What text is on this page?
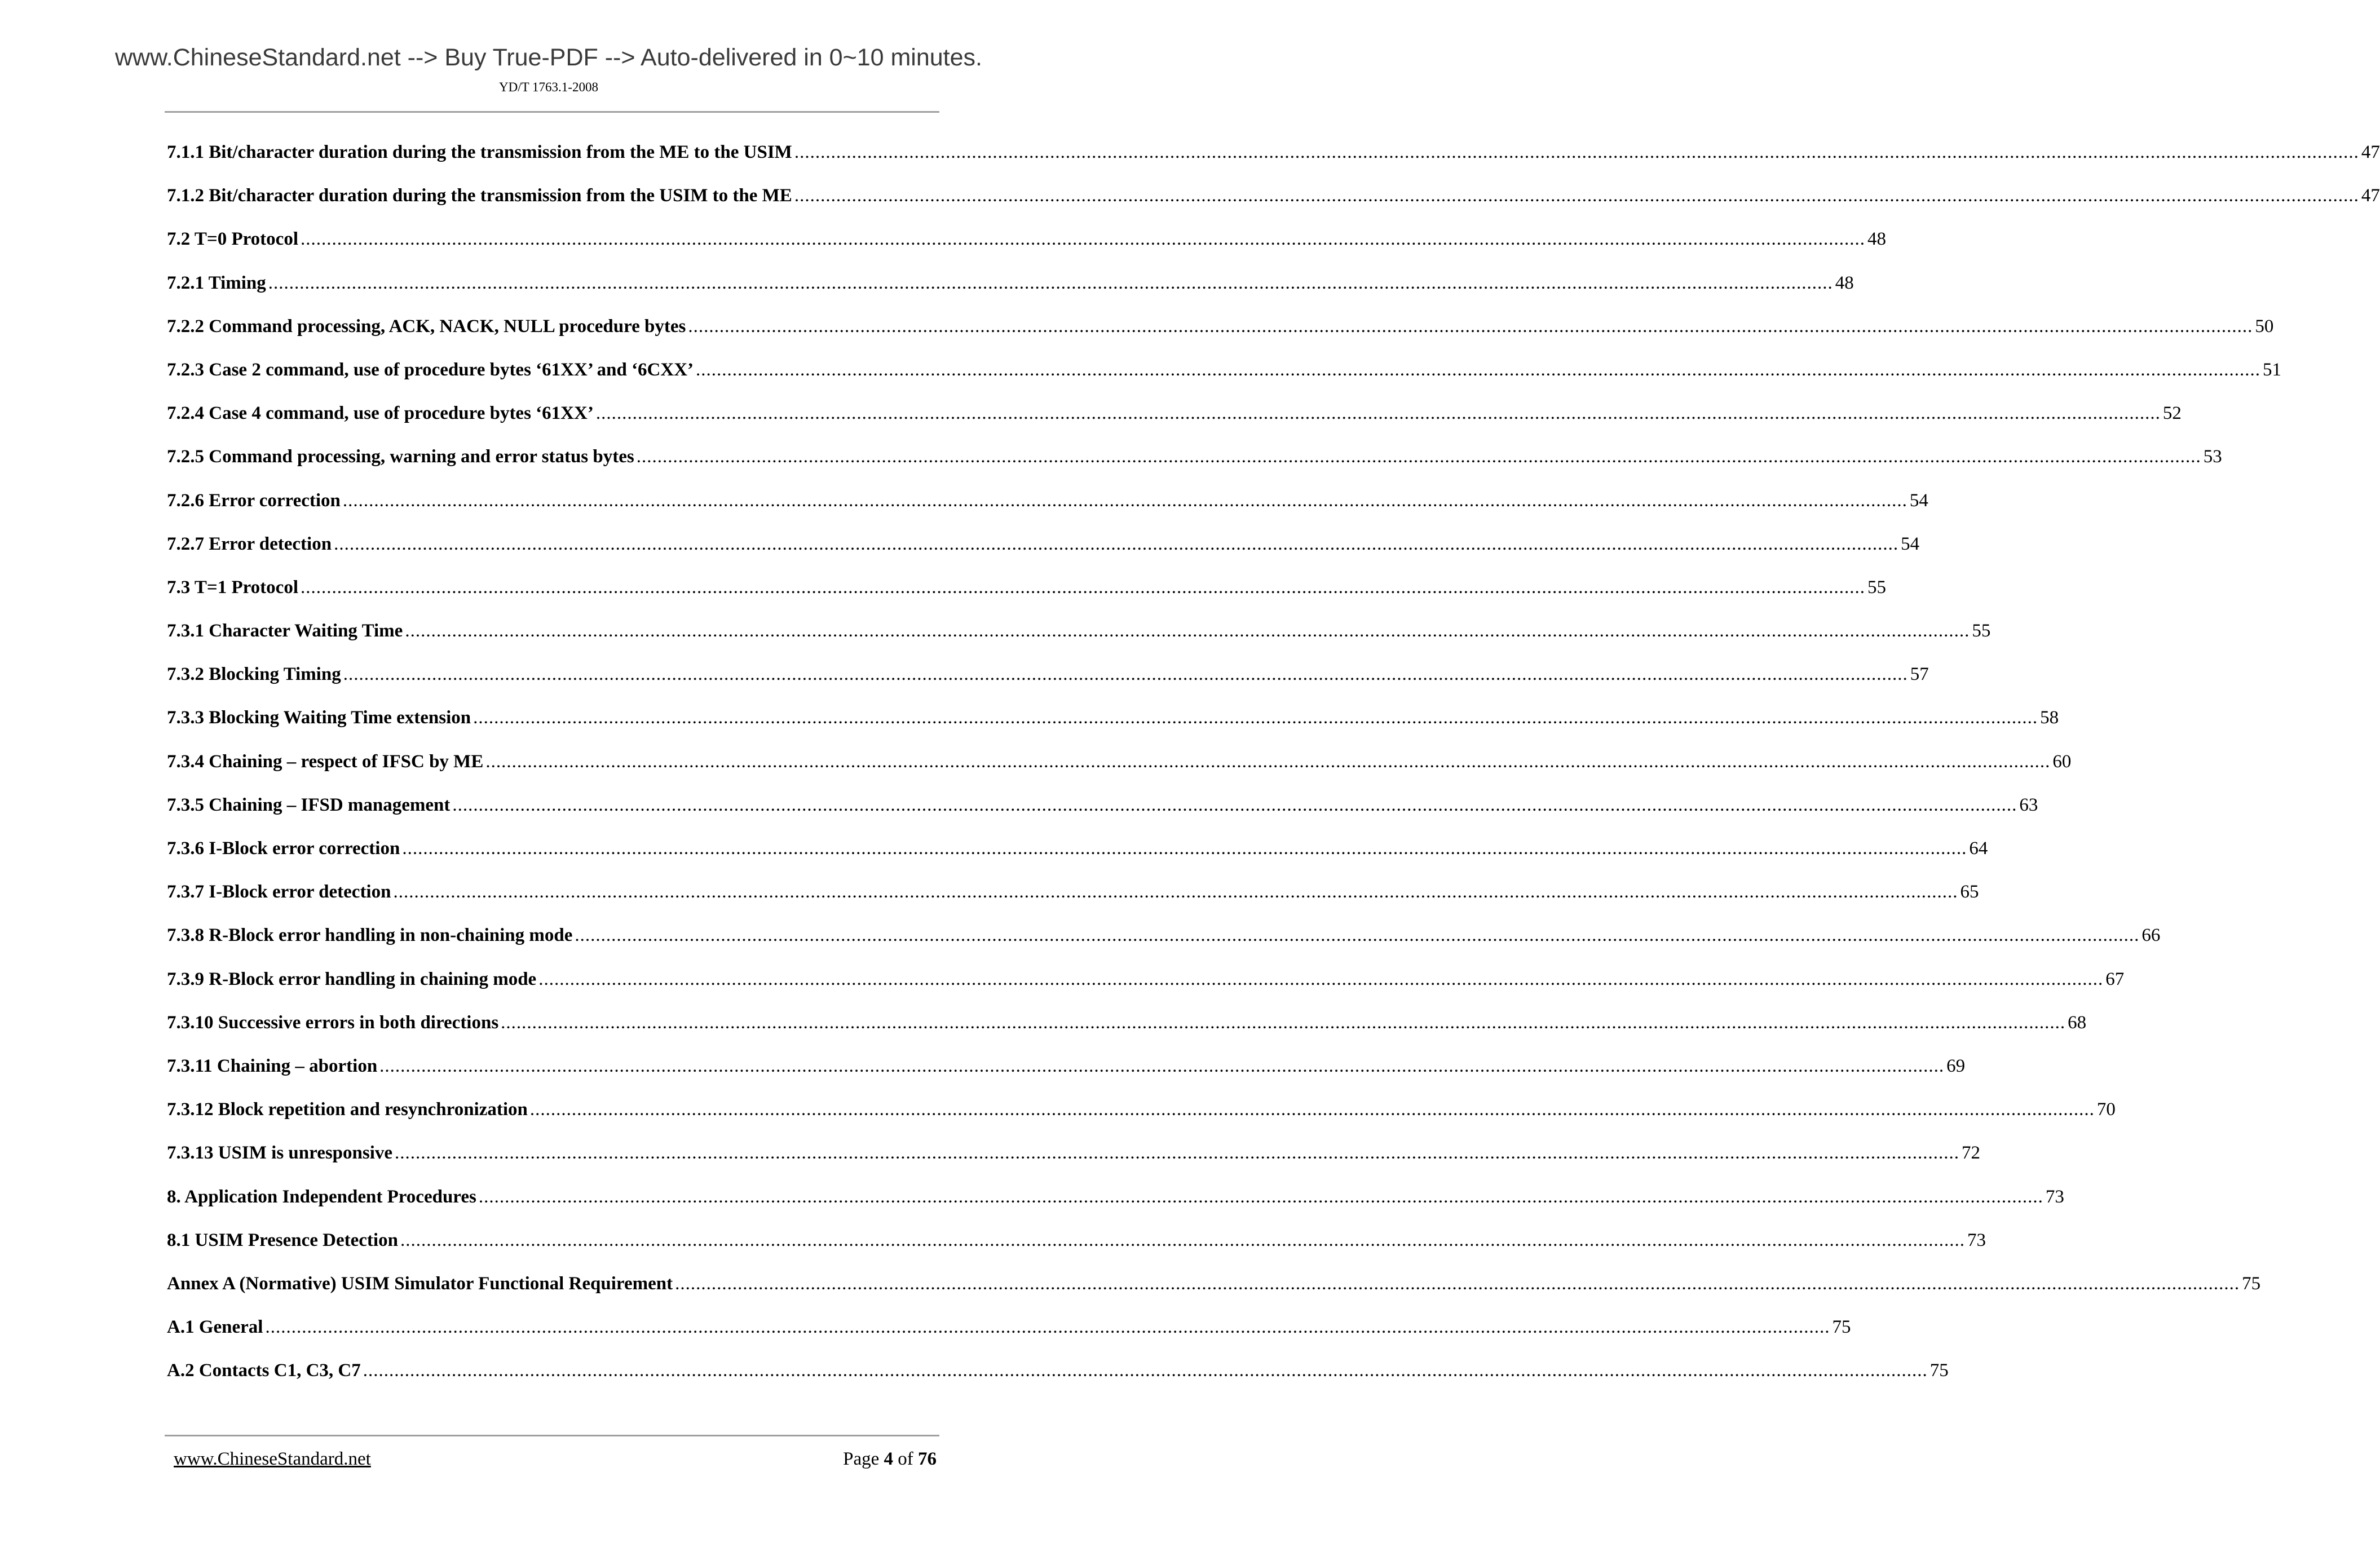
www.ChineseStandard.net --> Buy True-PDF --> Auto-delivered in 0~10 minutes.
YD/T 1763.1-2008
7.1.1 Bit/character duration during the transmission from the ME to the USIM ............................................................................................................................................................................................................................................................................................................ 47
7.1.2 Bit/character duration during the transmission from the USIM to the ME ............................................................................................................................................................................................................................................................................................................ 47
7.2 T=0 Protocol ............................................................................................................................................................................................................................................................................................................ 48
7.2.1 Timing ............................................................................................................................................................................................................................................................................................................ 48
7.2.2 Command processing, ACK, NACK, NULL procedure bytes ............................................................................................................................................................................................................................................................................................................ 50
7.2.3 Case 2 command, use of procedure bytes ‘61XX’ and ‘6CXX’ ............................................................................................................................................................................................................................................................................................................ 51
7.2.4 Case 4 command, use of procedure bytes ‘61XX’ ............................................................................................................................................................................................................................................................................................................ 52
7.2.5 Command processing, warning and error status bytes ............................................................................................................................................................................................................................................................................................................ 53
7.2.6 Error correction ............................................................................................................................................................................................................................................................................................................ 54
7.2.7 Error detection ............................................................................................................................................................................................................................................................................................................ 54
7.3 T=1 Protocol ............................................................................................................................................................................................................................................................................................................ 55
7.3.1 Character Waiting Time ............................................................................................................................................................................................................................................................................................................ 55
7.3.2 Blocking Timing ............................................................................................................................................................................................................................................................................................................ 57
7.3.3 Blocking Waiting Time extension ............................................................................................................................................................................................................................................................................................................ 58
7.3.4 Chaining – respect of IFSC by ME ............................................................................................................................................................................................................................................................................................................ 60
7.3.5 Chaining – IFSD management ............................................................................................................................................................................................................................................................................................................ 63
7.3.6 I-Block error correction ............................................................................................................................................................................................................................................................................................................ 64
7.3.7 I-Block error detection ............................................................................................................................................................................................................................................................................................................ 65
7.3.8 R-Block error handling in non-chaining mode ............................................................................................................................................................................................................................................................................................................ 66
7.3.9 R-Block error handling in chaining mode ............................................................................................................................................................................................................................................................................................................ 67
7.3.10 Successive errors in both directions ............................................................................................................................................................................................................................................................................................................ 68
7.3.11 Chaining – abortion ............................................................................................................................................................................................................................................................................................................ 69
7.3.12 Block repetition and resynchronization ............................................................................................................................................................................................................................................................................................................ 70
7.3.13 USIM is unresponsive ............................................................................................................................................................................................................................................................................................................ 72
8. Application Independent Procedures ............................................................................................................................................................................................................................................................................................................ 73
8.1 USIM Presence Detection ............................................................................................................................................................................................................................................................................................................ 73
Annex A (Normative) USIM Simulator Functional Requirement ............................................................................................................................................................................................................................................................................................................ 75
A.1 General ............................................................................................................................................................................................................................................................................................................ 75
A.2 Contacts C1, C3, C7 ............................................................................................................................................................................................................................................................................................................ 75
www.ChineseStandard.net	Page 4 of 76
